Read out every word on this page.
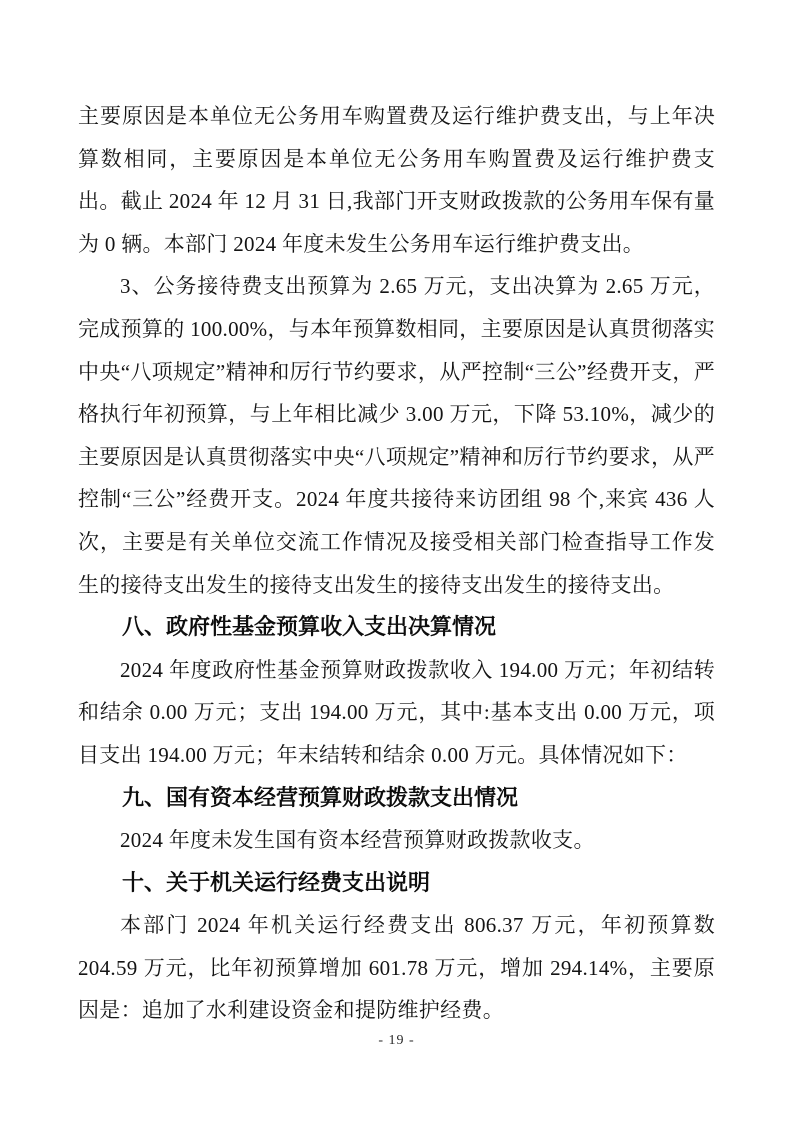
主要原因是本单位无公务用车购置费及运行维护费支出，与上年决算数相同，主要原因是本单位无公务用车购置费及运行维护费支出。截止 2024 年 12 月 31 日,我部门开支财政拨款的公务用车保有量为 0 辆。本部门 2024 年度未发生公务用车运行维护费支出。

3、公务接待费支出预算为 2.65 万元，支出决算为 2.65 万元，完成预算的 100.00%，与本年预算数相同，主要原因是认真贯彻落实中央“八项规定”精神和厉行节约要求，从严控制“三公”经费开支，严格执行年初预算，与上年相比减少 3.00 万元，下降 53.10%，减少的主要原因是认真贯彻落实中央“八项规定”精神和厉行节约要求，从严控制“三公”经费开支。2024 年度共接待来访团组 98 个,来宾 436 人次，主要是有关单位交流工作情况及接受相关部门检查指导工作发生的接待支出发生的接待支出发生的接待支出发生的接待支出。

八、政府性基金预算收入支出决算情况

2024 年度政府性基金预算财政拨款收入 194.00 万元；年初结转和结余 0.00 万元；支出 194.00 万元，其中:基本支出 0.00 万元，项目支出 194.00 万元；年末结转和结余 0.00 万元。具体情况如下：

九、国有资本经营预算财政拨款支出情况

2024 年度未发生国有资本经营预算财政拨款收支。

十、关于机关运行经费支出说明

本部门 2024 年机关运行经费支出 806.37 万元，年初预算数 204.59 万元，比年初预算增加 601.78 万元，增加 294.14%，主要原因是：追加了水利建设资金和提防维护经费。

- 19 -
